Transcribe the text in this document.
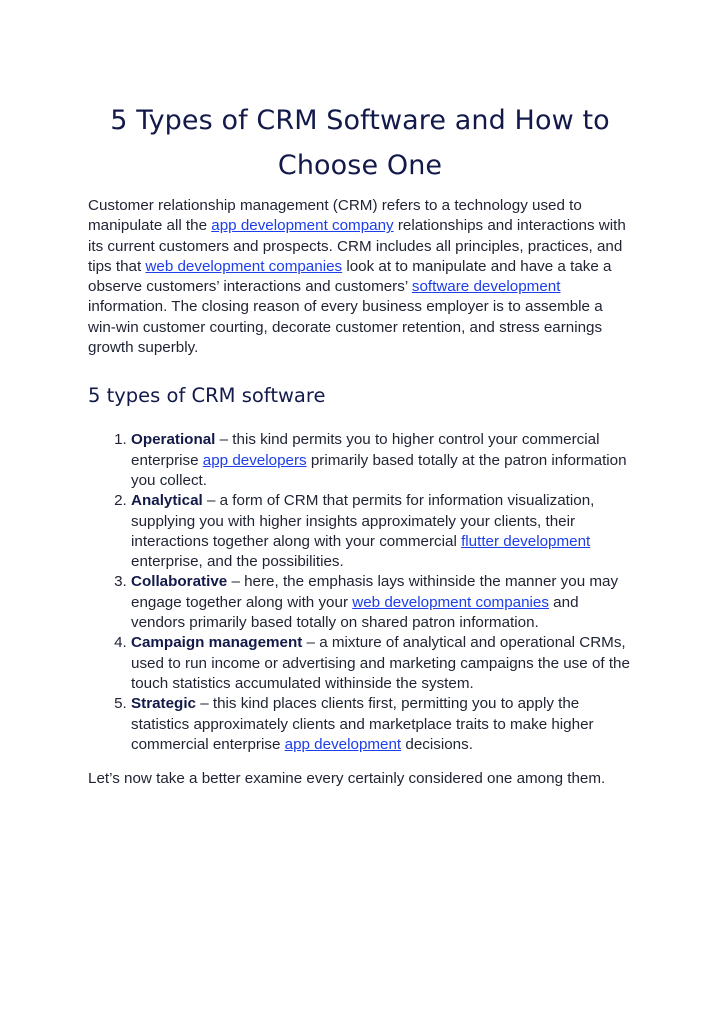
5 Types of CRM Software and How to
Choose One

Customer relationship management (CRM) refers to a technology used to manipulate all the app development company relationships and interactions with its current customers and prospects. CRM includes all principles, practices, and tips that web development companies look at to manipulate and have a take a observe customers’ interactions and customers’ software development information. The closing reason of every business employer is to assemble a win-win customer courting, decorate customer retention, and stress earnings growth superbly.

5 types of CRM software
1. Operational – this kind permits you to higher control your commercial enterprise app developers primarily based totally at the patron information you collect.
2. Analytical – a form of CRM that permits for information visualization, supplying you with higher insights approximately your clients, their interactions together along with your commercial flutter development enterprise, and the possibilities.
3. Collaborative – here, the emphasis lays withinside the manner you may engage together along with your web development companies and vendors primarily based totally on shared patron information.
4. Campaign management – a mixture of analytical and operational CRMs, used to run income or advertising and marketing campaigns the use of the touch statistics accumulated withinside the system.
5. Strategic – this kind places clients first, permitting you to apply the statistics approximately clients and marketplace traits to make higher commercial enterprise app development decisions.

Let’s now take a better examine every certainly considered one among them.
